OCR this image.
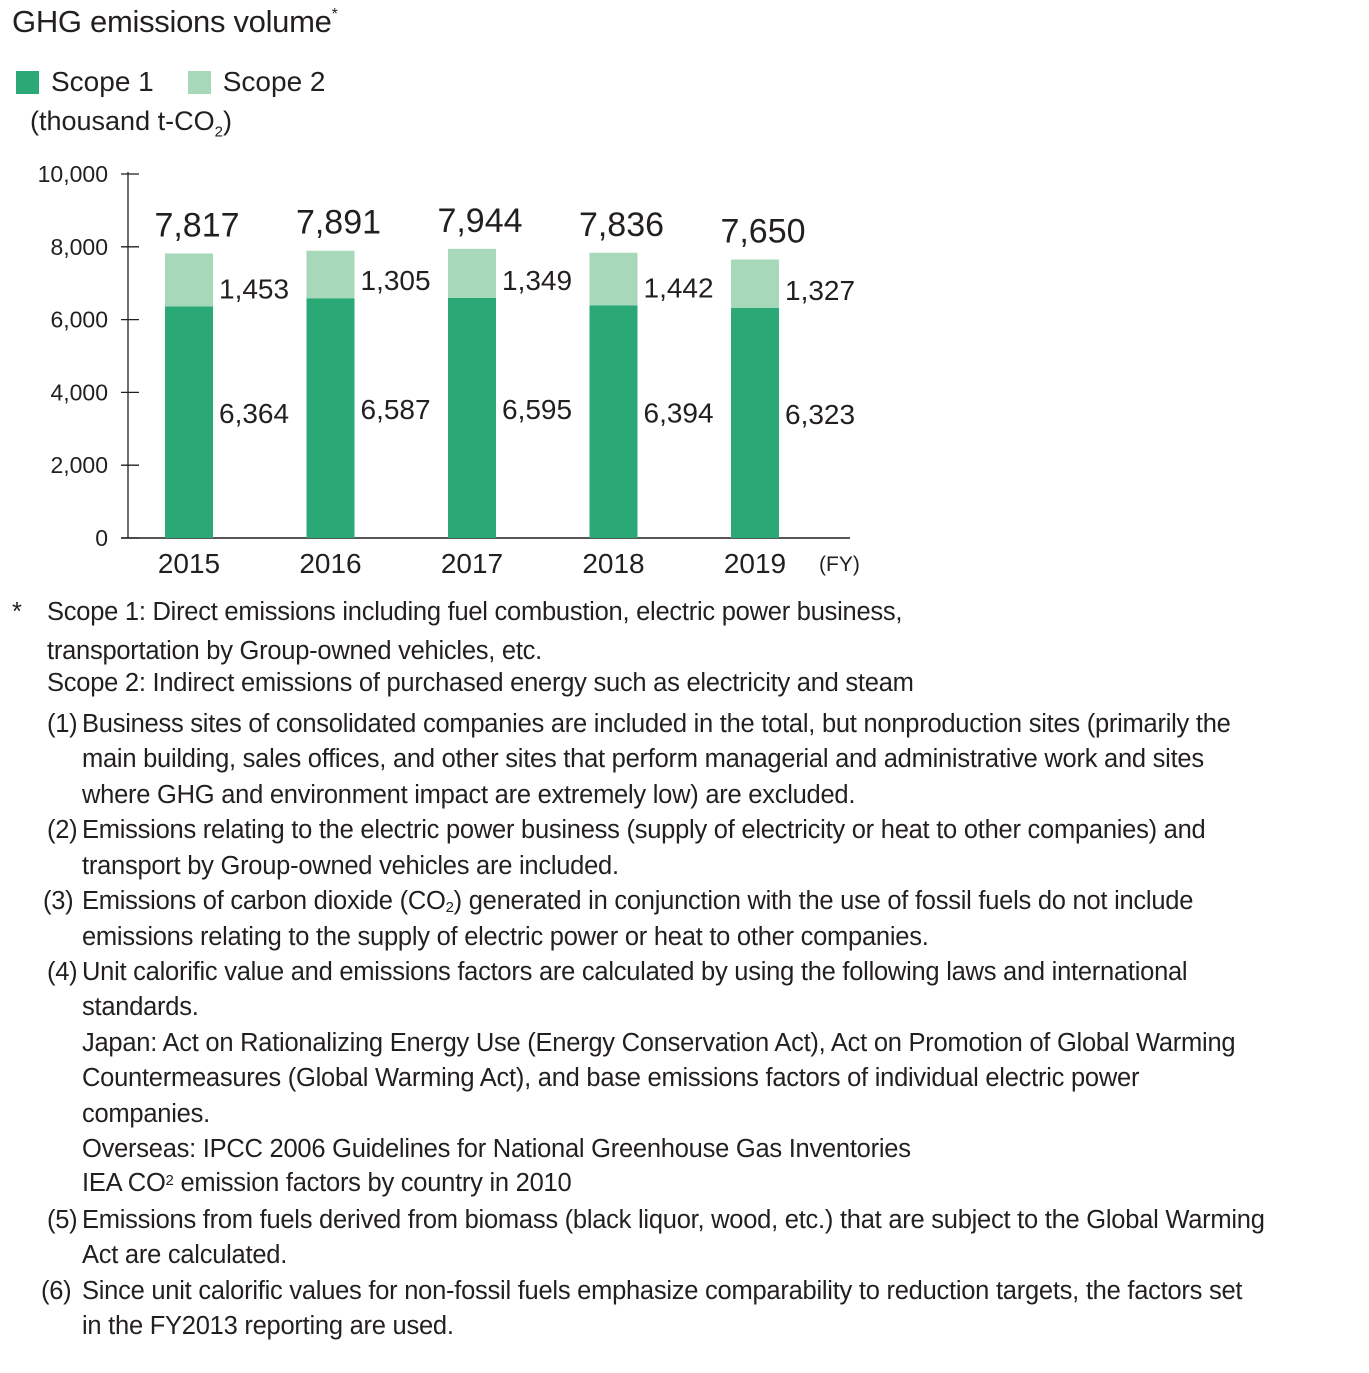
GHG emissions volume*
Scope 1 Scope 2
(thousand $t-CO_2$)
0
2,000
4,000
6,000
8,000
10,000
6,364
1,453
7,817
2015
6,587
1,305
7,891
2016
6,595
1,349
7,944
2017
6,394
1,442
7,836
2018
6,323
1,327
7,650
2019 (FY)
* Scope 1: Direct emissions including fuel combustion, electric power business,
transportation by Group-owned vehicles, etc.
Scope 2: Indirect emissions of purchased energy such as electricity and steam
(1) Business sites of consolidated companies are included in the total, but nonproduction sites (primarily the
main building, sales offices, and other sites that perform managerial and administrative work and sites
where GHG and environment impact are extremely low) are excluded.
(2) Emissions relating to the electric power business (supply of electricity or heat to other companies) and
transport by Group-owned vehicles are included.
(3) Emissions of carbon dioxide $(CO_2)$ generated in conjunction with the use of fossil fuels do not include
emissions relating to the supply of electric power or heat to other companies.
(4) Unit calorific value and emissions factors are calculated by using the following laws and international
standards.
Japan: Act on Rationalizing Energy Use (Energy Conservation Act), Act on Promotion of Global Warming
Countermeasures (Global Warming Act), and base emissions factors of individual electric power
companies.
Overseas: IPCC 2006 Guidelines for National Greenhouse Gas Inventories
IEA $CO_2$ emission factors by country in 2010
(5) Emissions from fuels derived from biomass (black liquor, wood, etc.) that are subject to the Global Warming
Act are calculated.
(6) Since unit calorific values for non-fossil fuels emphasize comparability to reduction targets, the factors set
in the FY2013 reporting are used.
